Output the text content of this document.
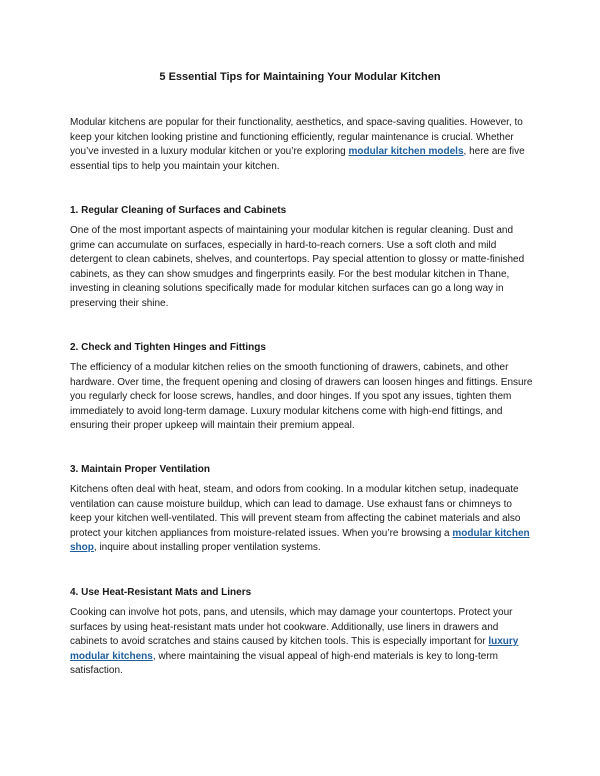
5 Essential Tips for Maintaining Your Modular Kitchen

Modular kitchens are popular for their functionality, aesthetics, and space-saving qualities. However, to
keep your kitchen looking pristine and functioning efficiently, regular maintenance is crucial. Whether
you’ve invested in a luxury modular kitchen or you’re exploring modular kitchen models, here are five
essential tips to help you maintain your kitchen.

1. Regular Cleaning of Surfaces and Cabinets

One of the most important aspects of maintaining your modular kitchen is regular cleaning. Dust and
grime can accumulate on surfaces, especially in hard-to-reach corners. Use a soft cloth and mild
detergent to clean cabinets, shelves, and countertops. Pay special attention to glossy or matte-finished
cabinets, as they can show smudges and fingerprints easily. For the best modular kitchen in Thane,
investing in cleaning solutions specifically made for modular kitchen surfaces can go a long way in
preserving their shine.

2. Check and Tighten Hinges and Fittings

The efficiency of a modular kitchen relies on the smooth functioning of drawers, cabinets, and other
hardware. Over time, the frequent opening and closing of drawers can loosen hinges and fittings. Ensure
you regularly check for loose screws, handles, and door hinges. If you spot any issues, tighten them
immediately to avoid long-term damage. Luxury modular kitchens come with high-end fittings, and
ensuring their proper upkeep will maintain their premium appeal.

3. Maintain Proper Ventilation

Kitchens often deal with heat, steam, and odors from cooking. In a modular kitchen setup, inadequate
ventilation can cause moisture buildup, which can lead to damage. Use exhaust fans or chimneys to
keep your kitchen well-ventilated. This will prevent steam from affecting the cabinet materials and also
protect your kitchen appliances from moisture-related issues. When you’re browsing a modular kitchen
shop, inquire about installing proper ventilation systems.

4. Use Heat-Resistant Mats and Liners

Cooking can involve hot pots, pans, and utensils, which may damage your countertops. Protect your
surfaces by using heat-resistant mats under hot cookware. Additionally, use liners in drawers and
cabinets to avoid scratches and stains caused by kitchen tools. This is especially important for luxury
modular kitchens, where maintaining the visual appeal of high-end materials is key to long-term
satisfaction.
